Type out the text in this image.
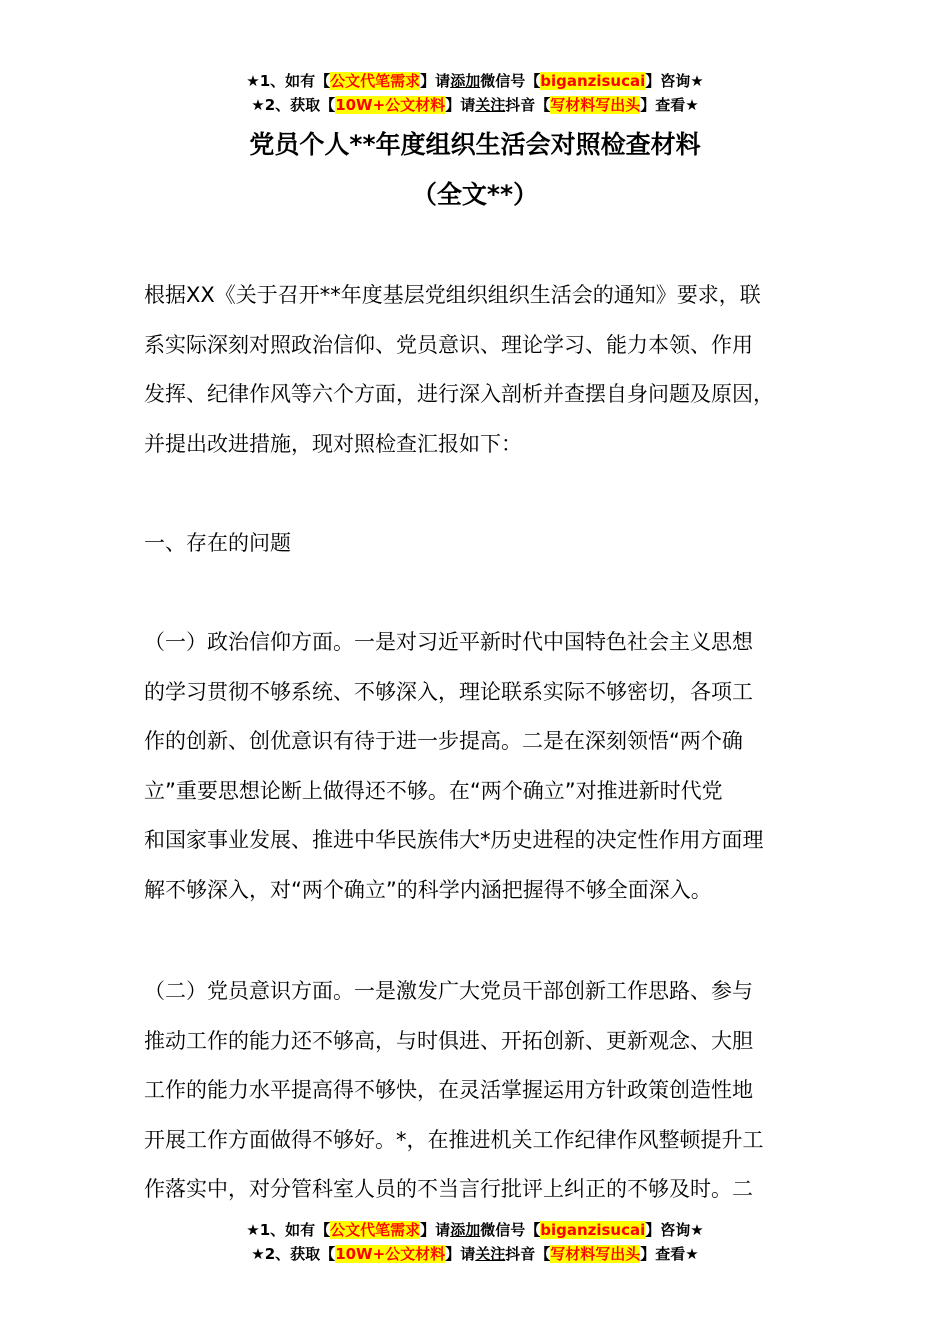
★1、如有【公文代笔需求】请添加微信号【biganzisucai】咨询★
★2、获取【10W+公文材料】请关注抖音【写材料写出头】查看★
党员个人**年度组织生活会对照检查材料
（全文**）

根据XX《关于召开**年度基层党组织组织生活会的通知》要求，联
系实际深刻对照政治信仰、党员意识、理论学习、能力本领、作用
发挥、纪律作风等六个方面，进行深入剖析并查摆自身问题及原因，
并提出改进措施，现对照检查汇报如下：

一、存在的问题

（一）政治信仰方面。一是对习近平新时代中国特色社会主义思想
的学习贯彻不够系统、不够深入，理论联系实际不够密切，各项工
作的创新、创优意识有待于进一步提高。二是在深刻领悟“两个确
立”重要思想论断上做得还不够。在“两个确立”对推进新时代党
和国家事业发展、推进中华民族伟大*历史进程的决定性作用方面理
解不够深入，对“两个确立”的科学内涵把握得不够全面深入。

（二）党员意识方面。一是激发广大党员干部创新工作思路、参与
推动工作的能力还不够高，与时俱进、开拓创新、更新观念、大胆
工作的能力水平提高得不够快，在灵活掌握运用方针政策创造性地
开展工作方面做得不够好。*，在推进机关工作纪律作风整顿提升工
作落实中，对分管科室人员的不当言行批评上纠正的不够及时。二

★1、如有【公文代笔需求】请添加微信号【biganzisucai】咨询★
★2、获取【10W+公文材料】请关注抖音【写材料写出头】查看★
